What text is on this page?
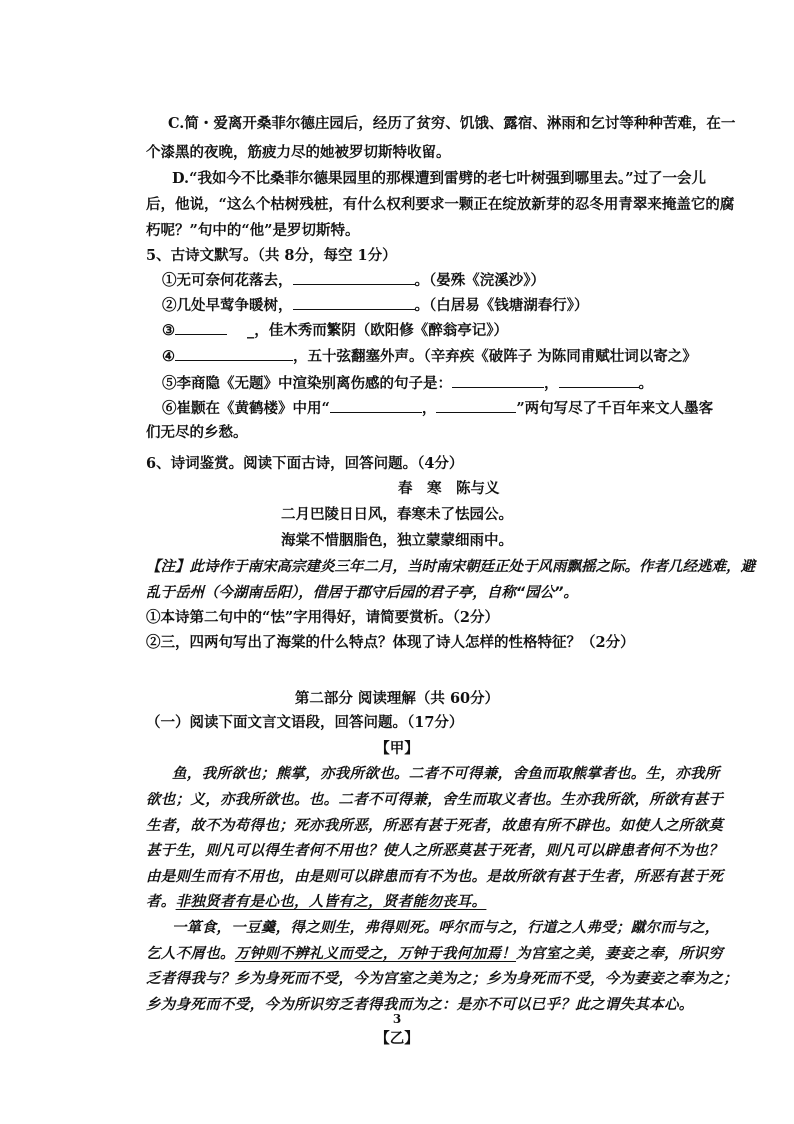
C.简・爱离开桑菲尔德庄园后，经历了贫穷、饥饿、露宿、淋雨和乞讨等种种苦难，在一
个漆黑的夜晚，筋疲力尽的她被罗切斯特收留。
D.“我如今不比桑菲尔德果园里的那棵遭到雷劈的老七叶树强到哪里去。”过了一会儿
后，他说，“这么个枯树残桩，有什么权利要求一颗正在绽放新芽的忍冬用青翠来掩盖它的腐
朽呢？”句中的“他”是罗切斯特。
5、古诗文默写。（共 8分，每空 1分）
①无可奈何花落去，	。（晏殊《浣溪沙》）
②几处早莺争暖树，	。（白居易《钱塘湖春行》）
③	_，佳木秀而繁阴（欧阳修《醉翁亭记》）
④	，五十弦翻塞外声。（辛弃疾《破阵子 为陈同甫赋壮词以寄之》
⑤李商隐《无题》中渲染别离伤感的句子是：	，	。
⑥崔颢在《黄鹤楼》中用“	，	”两句写尽了千百年来文人墨客
们无尽的乡愁。
6、诗词鉴赏。阅读下面古诗，回答问题。（4分）
春　寒　陈与义
二月巴陵日日风，春寒未了怯园公。
海棠不惜胭脂色，独立蒙蒙细雨中。
【注】此诗作于南宋高宗建炎三年二月，当时南宋朝廷正处于风雨飘摇之际。作者几经逃难，避
乱于岳州（今湖南岳阳），借居于郡守后园的君子亭，自称“园公”。
①本诗第二句中的“怯”字用得好，请简要赏析。（2分）
②三，四两句写出了海棠的什么特点？体现了诗人怎样的性格特征？（2分）
第二部分 阅读理解（共 60分）
（一）阅读下面文言文语段，回答问题。（17分）
【甲】
鱼，我所欲也；熊掌，亦我所欲也。二者不可得兼，舍鱼而取熊掌者也。生，亦我所
欲也；义，亦我所欲也。也。二者不可得兼，舍生而取义者也。生亦我所欲，所欲有甚于
生者，故不为苟得也；死亦我所恶，所恶有甚于死者，故患有所不辟也。如使人之所欲莫
甚于生，则凡可以得生者何不用也？使人之所恶莫甚于死者，则凡可以辟患者何不为也？
由是则生而有不用也，由是则可以辟患而有不为也。是故所欲有甚于生者，所恶有甚于死
者。非独贤者有是心也，人皆有之，贤者能勿丧耳。
一箪食，一豆羹，得之则生，弗得则死。呼尔而与之，行道之人弗受；蹴尔而与之，
乞人不屑也。万钟则不辨礼义而受之，万钟于我何加焉！为宫室之美，妻妾之奉，所识穷
乏者得我与？乡为身死而不受，今为宫室之美为之；乡为身死而不受，今为妻妾之奉为之；
乡为身死而不受，今为所识穷乏者得我而为之：是亦不可以已乎？此之谓失其本心。
【乙】
3
